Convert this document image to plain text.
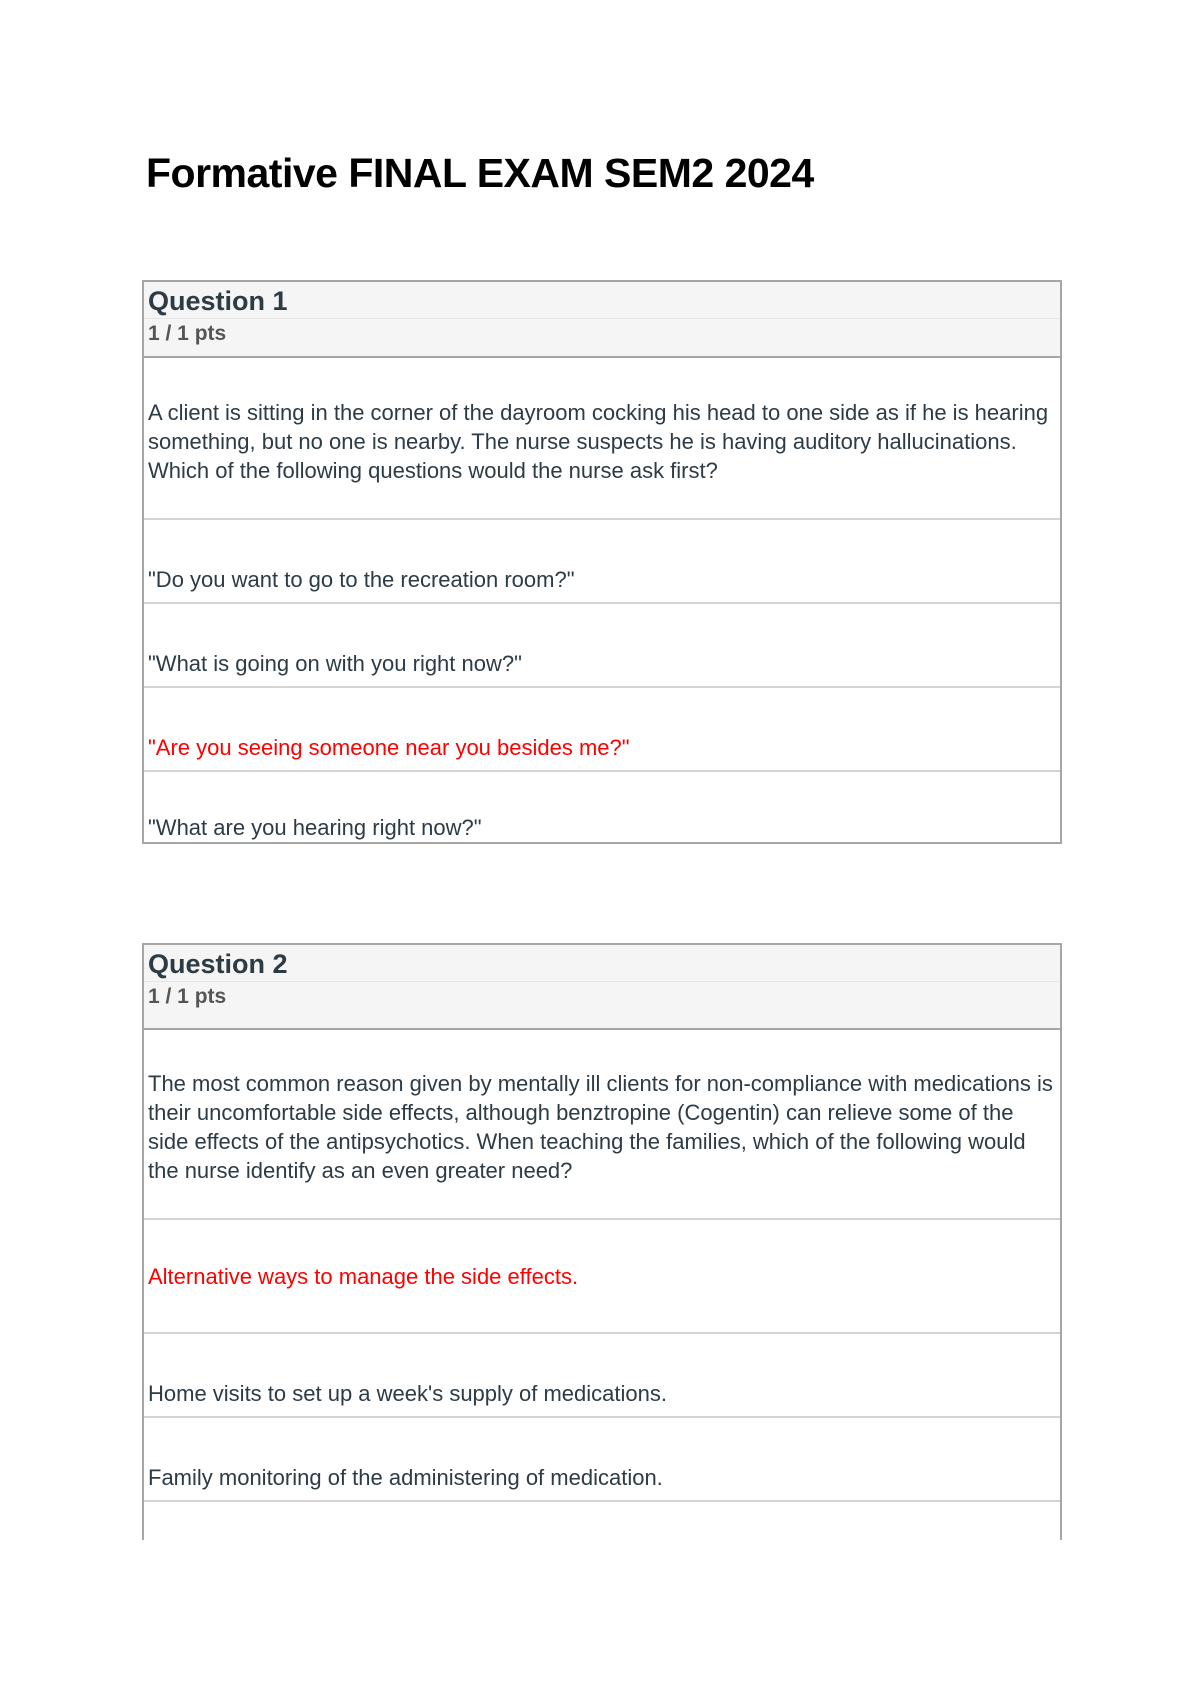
Formative FINAL EXAM SEM2 2024
Question 1
1 / 1 pts
A client is sitting in the corner of the dayroom cocking his head to one side as if he is hearing something, but no one is nearby. The nurse suspects he is having auditory hallucinations. Which of the following questions would the nurse ask first?
"Do you want to go to the recreation room?"
"What is going on with you right now?"
"Are you seeing someone near you besides me?"
"What are you hearing right now?"
Question 2
1 / 1 pts
The most common reason given by mentally ill clients for non-compliance with medications is their uncomfortable side effects, although benztropine (Cogentin) can relieve some of the side effects of the antipsychotics. When teaching the families, which of the following would the nurse identify as an even greater need?
Alternative ways to manage the side effects.
Home visits to set up a week's supply of medications.
Family monitoring of the administering of medication.
